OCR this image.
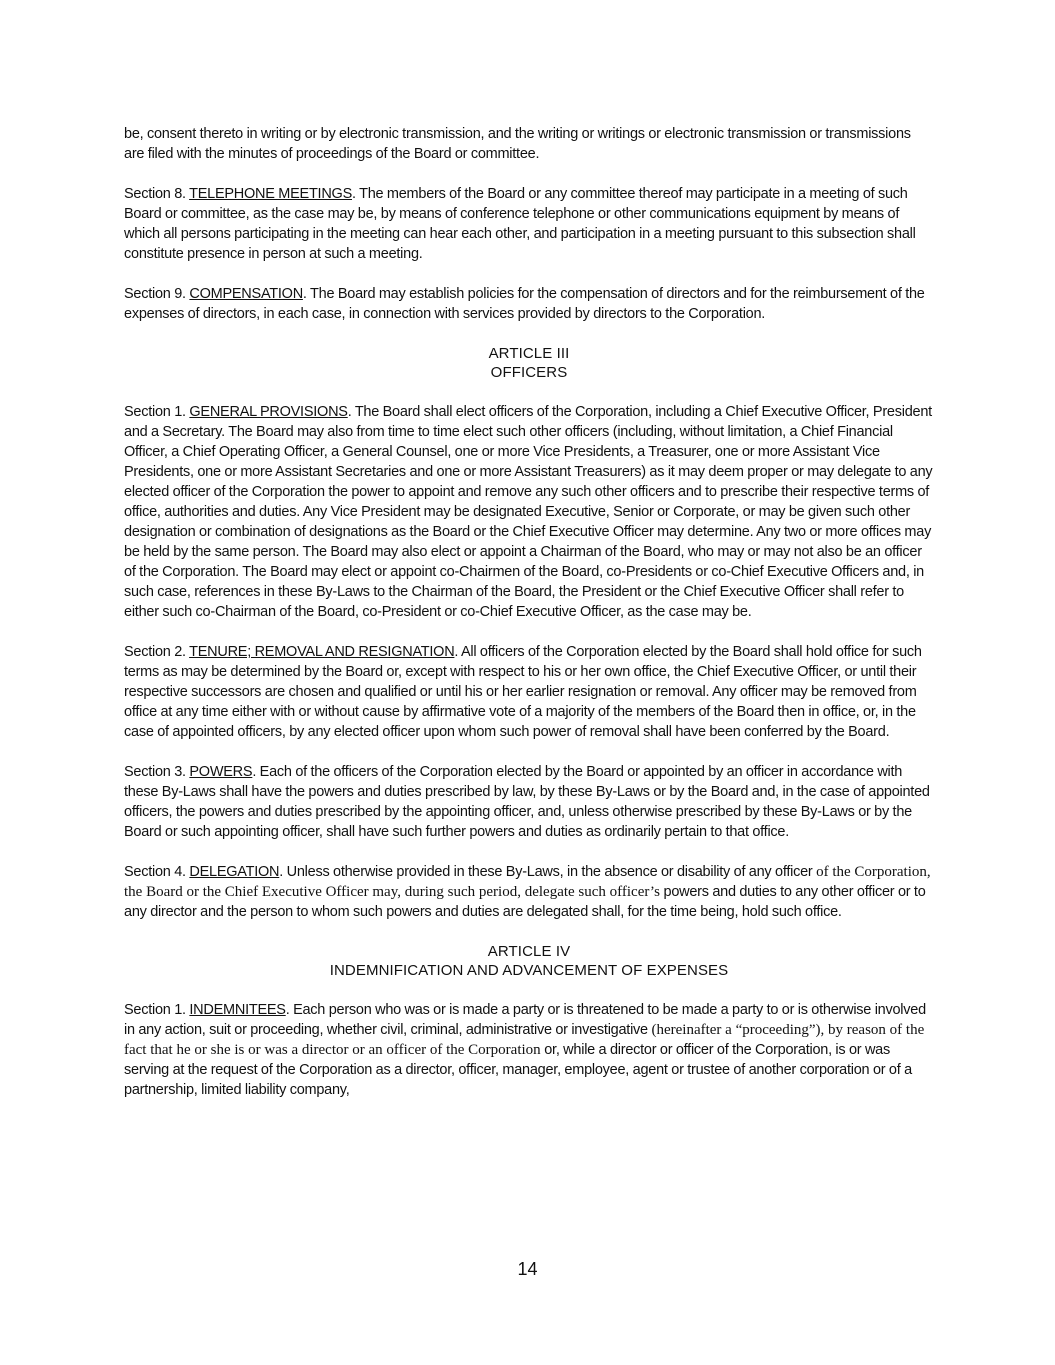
be, consent thereto in writing or by electronic transmission, and the writing or writings or electronic transmission or transmissions are filed with the minutes of proceedings of the Board or committee.

Section 8. TELEPHONE MEETINGS. The members of the Board or any committee thereof may participate in a meeting of such Board or committee, as the case may be, by means of conference telephone or other communications equipment by means of which all persons participating in the meeting can hear each other, and participation in a meeting pursuant to this subsection shall constitute presence in person at such a meeting.

Section 9. COMPENSATION. The Board may establish policies for the compensation of directors and for the reimbursement of the expenses of directors, in each case, in connection with services provided by directors to the Corporation.

ARTICLE III
OFFICERS

Section 1. GENERAL PROVISIONS. The Board shall elect officers of the Corporation, including a Chief Executive Officer, President and a Secretary. The Board may also from time to time elect such other officers (including, without limitation, a Chief Financial Officer, a Chief Operating Officer, a General Counsel, one or more Vice Presidents, a Treasurer, one or more Assistant Vice Presidents, one or more Assistant Secretaries and one or more Assistant Treasurers) as it may deem proper or may delegate to any elected officer of the Corporation the power to appoint and remove any such other officers and to prescribe their respective terms of office, authorities and duties. Any Vice President may be designated Executive, Senior or Corporate, or may be given such other designation or combination of designations as the Board or the Chief Executive Officer may determine. Any two or more offices may be held by the same person. The Board may also elect or appoint a Chairman of the Board, who may or may not also be an officer of the Corporation. The Board may elect or appoint co-Chairmen of the Board, co-Presidents or co-Chief Executive Officers and, in such case, references in these By-Laws to the Chairman of the Board, the President or the Chief Executive Officer shall refer to either such co-Chairman of the Board, co-President or co-Chief Executive Officer, as the case may be.

Section 2. TENURE; REMOVAL AND RESIGNATION. All officers of the Corporation elected by the Board shall hold office for such terms as may be determined by the Board or, except with respect to his or her own office, the Chief Executive Officer, or until their respective successors are chosen and qualified or until his or her earlier resignation or removal. Any officer may be removed from office at any time either with or without cause by affirmative vote of a majority of the members of the Board then in office, or, in the case of appointed officers, by any elected officer upon whom such power of removal shall have been conferred by the Board.

Section 3. POWERS. Each of the officers of the Corporation elected by the Board or appointed by an officer in accordance with these By-Laws shall have the powers and duties prescribed by law, by these By-Laws or by the Board and, in the case of appointed officers, the powers and duties prescribed by the appointing officer, and, unless otherwise prescribed by these By-Laws or by the Board or such appointing officer, shall have such further powers and duties as ordinarily pertain to that office.

Section 4. DELEGATION. Unless otherwise provided in these By-Laws, in the absence or disability of any officer of the Corporation, the Board or the Chief Executive Officer may, during such period, delegate such officer’s powers and duties to any other officer or to any director and the person to whom such powers and duties are delegated shall, for the time being, hold such office.

ARTICLE IV
INDEMNIFICATION AND ADVANCEMENT OF EXPENSES

Section 1. INDEMNITEES. Each person who was or is made a party or is threatened to be made a party to or is otherwise involved in any action, suit or proceeding, whether civil, criminal, administrative or investigative (hereinafter a “proceeding”), by reason of the fact that he or she is or was a director or an officer of the Corporation or, while a director or officer of the Corporation, is or was serving at the request of the Corporation as a director, officer, manager, employee, agent or trustee of another corporation or of a partnership, limited liability company,

14
